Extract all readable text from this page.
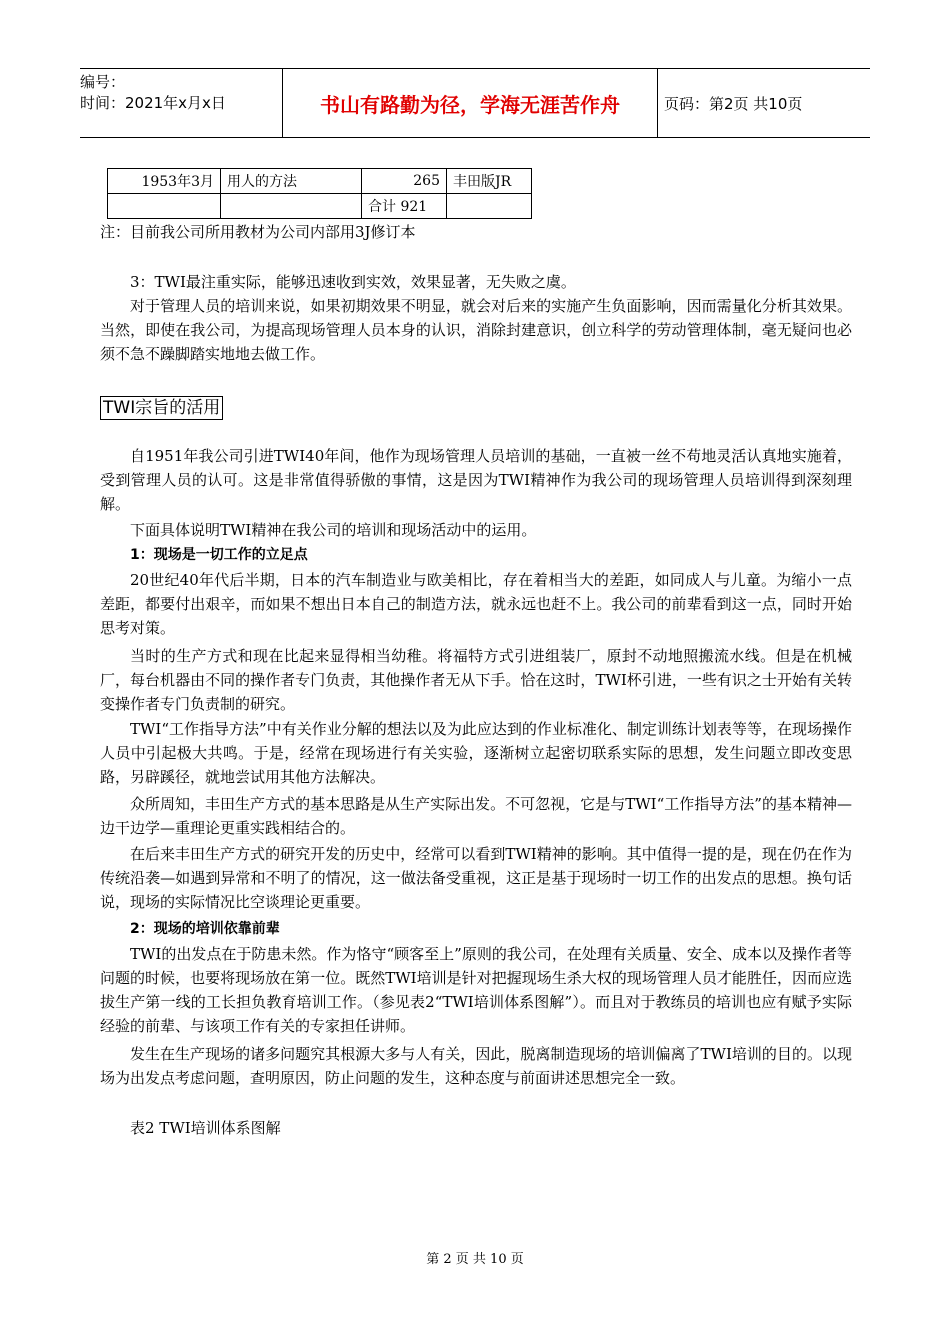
编号：
时间：2021年x月x日	书山有路勤为径，学海无涯苦作舟	页码：第2页 共10页
1953年3月	用人的方法	265	丰田版JR
		合计 921	
注：目前我公司所用教材为公司内部用3J修订本
3：TWI最注重实际，能够迅速收到实效，效果显著，无失败之虞。
对于管理人员的培训来说，如果初期效果不明显，就会对后来的实施产生负面影响，因而需量化分析其效果。当然，即使在我公司，为提高现场管理人员本身的认识，消除封建意识，创立科学的劳动管理体制，毫无疑问也必须不急不躁脚踏实地地去做工作。
TWI宗旨的活用
自1951年我公司引进TWI40年间，他作为现场管理人员培训的基础，一直被一丝不苟地灵活认真地实施着，受到管理人员的认可。这是非常值得骄傲的事情，这是因为TWI精神作为我公司的现场管理人员培训得到深刻理解。
下面具体说明TWI精神在我公司的培训和现场活动中的运用。
1：现场是一切工作的立足点
20世纪40年代后半期，日本的汽车制造业与欧美相比，存在着相当大的差距，如同成人与儿童。为缩小一点差距，都要付出艰辛，而如果不想出日本自己的制造方法，就永远也赶不上。我公司的前辈看到这一点，同时开始思考对策。
当时的生产方式和现在比起来显得相当幼稚。将福特方式引进组装厂，原封不动地照搬流水线。但是在机械厂，每台机器由不同的操作者专门负责，其他操作者无从下手。恰在这时，TWI杯引进，一些有识之士开始有关转变操作者专门负责制的研究。
TWI“工作指导方法”中有关作业分解的想法以及为此应达到的作业标准化、制定训练计划表等等，在现场操作人员中引起极大共鸣。于是，经常在现场进行有关实验，逐渐树立起密切联系实际的思想，发生问题立即改变思路，另辟蹊径，就地尝试用其他方法解决。
众所周知，丰田生产方式的基本思路是从生产实际出发。不可忽视，它是与TWI“工作指导方法”的基本精神—边干边学—重理论更重实践相结合的。
在后来丰田生产方式的研究开发的历史中，经常可以看到TWI精神的影响。其中值得一提的是，现在仍在作为传统沿袭—如遇到异常和不明了的情况，这一做法备受重视，这正是基于现场时一切工作的出发点的思想。换句话说，现场的实际情况比空谈理论更重要。
2：现场的培训依靠前辈
TWI的出发点在于防患未然。作为恪守“顾客至上”原则的我公司，在处理有关质量、安全、成本以及操作者等问题的时候，也要将现场放在第一位。既然TWI培训是针对把握现场生杀大权的现场管理人员才能胜任，因而应选拔生产第一线的工长担负教育培训工作。（参见表2“TWI培训体系图解”）。而且对于教练员的培训也应有赋予实际经验的前辈、与该项工作有关的专家担任讲师。
发生在生产现场的诸多问题究其根源大多与人有关，因此，脱离制造现场的培训偏离了TWI培训的目的。以现场为出发点考虑问题，查明原因，防止问题的发生，这种态度与前面讲述思想完全一致。
表2 TWI培训体系图解
第 2 页 共 10 页
